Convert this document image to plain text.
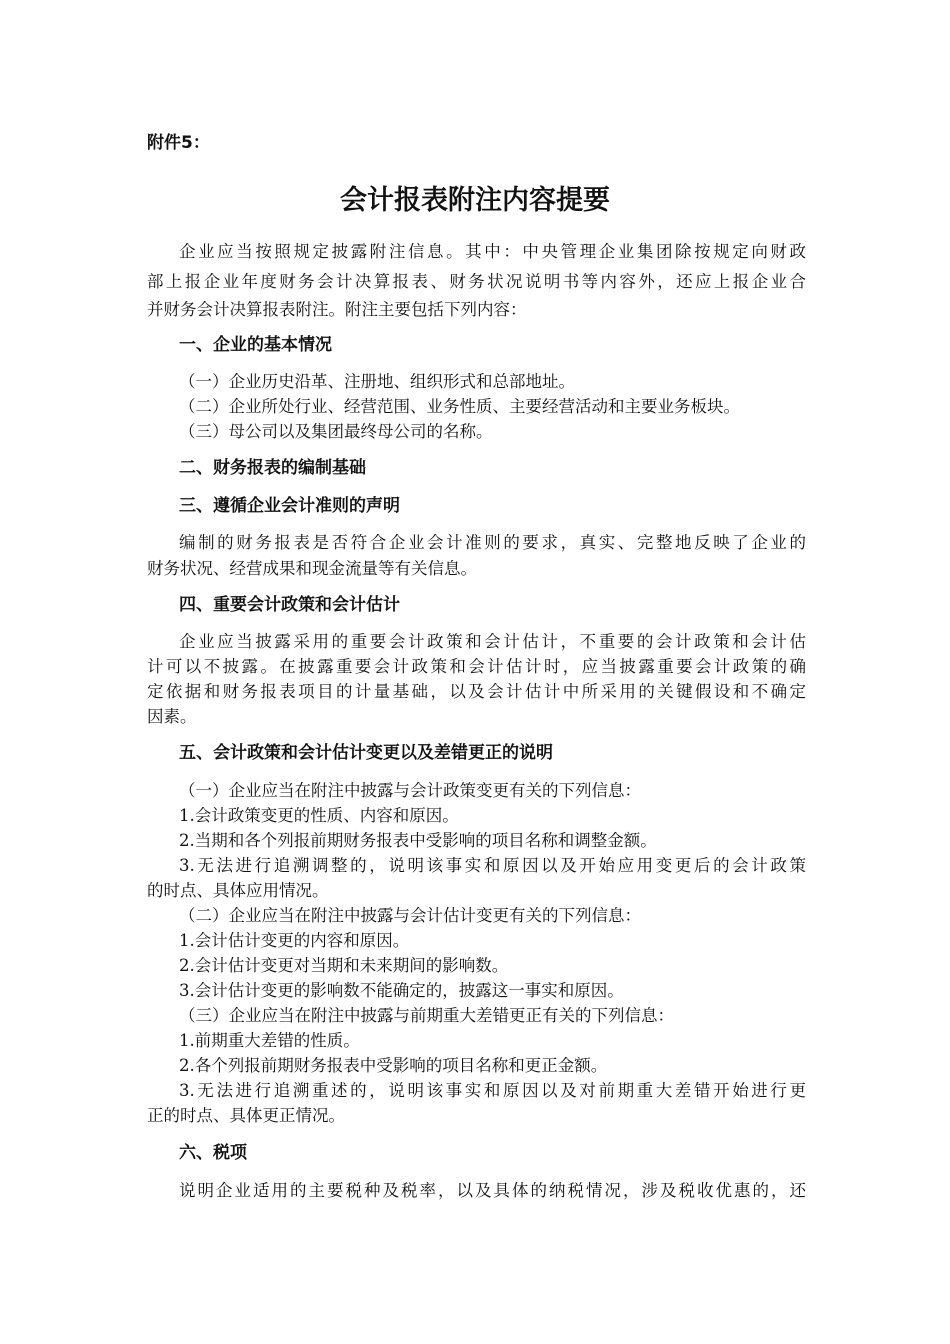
附件5：
会计报表附注内容提要
企业应当按照规定披露附注信息。其中：中央管理企业集团除按规定向财政
部上报企业年度财务会计决算报表、财务状况说明书等内容外，还应上报企业合
并财务会计决算报表附注。附注主要包括下列内容：
一、企业的基本情况
（一）企业历史沿革、注册地、组织形式和总部地址。
（二）企业所处行业、经营范围、业务性质、主要经营活动和主要业务板块。
（三）母公司以及集团最终母公司的名称。
二、财务报表的编制基础
三、遵循企业会计准则的声明
编制的财务报表是否符合企业会计准则的要求，真实、完整地反映了企业的
财务状况、经营成果和现金流量等有关信息。
四、重要会计政策和会计估计
企业应当披露采用的重要会计政策和会计估计，不重要的会计政策和会计估
计可以不披露。在披露重要会计政策和会计估计时，应当披露重要会计政策的确
定依据和财务报表项目的计量基础，以及会计估计中所采用的关键假设和不确定
因素。
五、会计政策和会计估计变更以及差错更正的说明
（一）企业应当在附注中披露与会计政策变更有关的下列信息：
1.会计政策变更的性质、内容和原因。
2.当期和各个列报前期财务报表中受影响的项目名称和调整金额。
3.无法进行追溯调整的，说明该事实和原因以及开始应用变更后的会计政策
的时点、具体应用情况。
（二）企业应当在附注中披露与会计估计变更有关的下列信息：
1.会计估计变更的内容和原因。
2.会计估计变更对当期和未来期间的影响数。
3.会计估计变更的影响数不能确定的，披露这一事实和原因。
（三）企业应当在附注中披露与前期重大差错更正有关的下列信息：
1.前期重大差错的性质。
2.各个列报前期财务报表中受影响的项目名称和更正金额。
3.无法进行追溯重述的，说明该事实和原因以及对前期重大差错开始进行更
正的时点、具体更正情况。
六、税项
说明企业适用的主要税种及税率，以及具体的纳税情况，涉及税收优惠的，还
